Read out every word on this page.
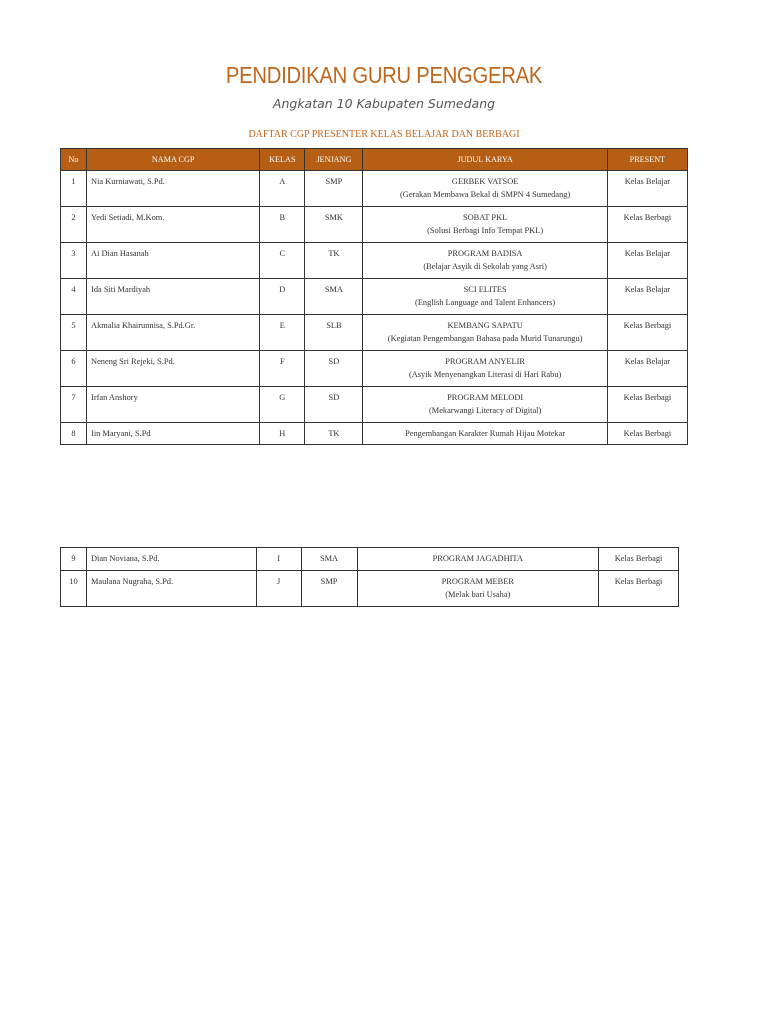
PENDIDIKAN GURU PENGGERAK
Angkatan 10 Kabupaten Sumedang
DAFTAR CGP PRESENTER KELAS BELAJAR DAN BERBAGI
No	NAMA CGP	KELAS	JENJANG	JUDUL KARYA	PRESENT
1	Nia Kurniawati, S.Pd.	A	SMP	GERBEK VATSOE
(Gerakan Membawa Bekal di SMPN 4 Sumedang)	Kelas Belajar
2	Yedi Setiadi, M.Kom.	B	SMK	SOBAT PKL
(Solusi Berbagi Info Tempat PKL)	Kelas Berbagi
3	Ai Dian Hasanah	C	TK	PROGRAM BADISA
(Belajar Asyik di Sekolah yang Asri)	Kelas Belajar
4	Ida Siti Mardiyah	D	SMA	SCI ELITES
(English Language and Talent Enhancers)	Kelas Belajar
5	Akmalia Khairunnisa, S.Pd.Gr.	E	SLB	KEMBANG SAPATU
(Kegiatan Pengembangan Bahasa pada Murid Tunarungu)	Kelas Berbagi
6	Neneng Sri Rejeki, S.Pd.	F	SD	PROGRAM ANYELIR
(Asyik Menyenangkan Literasi di Hari Rabu)	Kelas Belajar
7	Irfan Anshory	G	SD	PROGRAM MELODI
(Mekarwangi Literacy of Digital)	Kelas Berbagi
8	Iin Maryani, S.Pd	H	TK	Pengembangan Karakter Rumah Hijau Motekar	Kelas Berbagi
9	Dian Noviana, S.Pd.	I	SMA	PROGRAM JAGADHITA	Kelas Berbagi
10	Maulana Nugraha, S.Pd.	J	SMP	PROGRAM MEBER
(Melak bari Usaha)	Kelas Berbagi
